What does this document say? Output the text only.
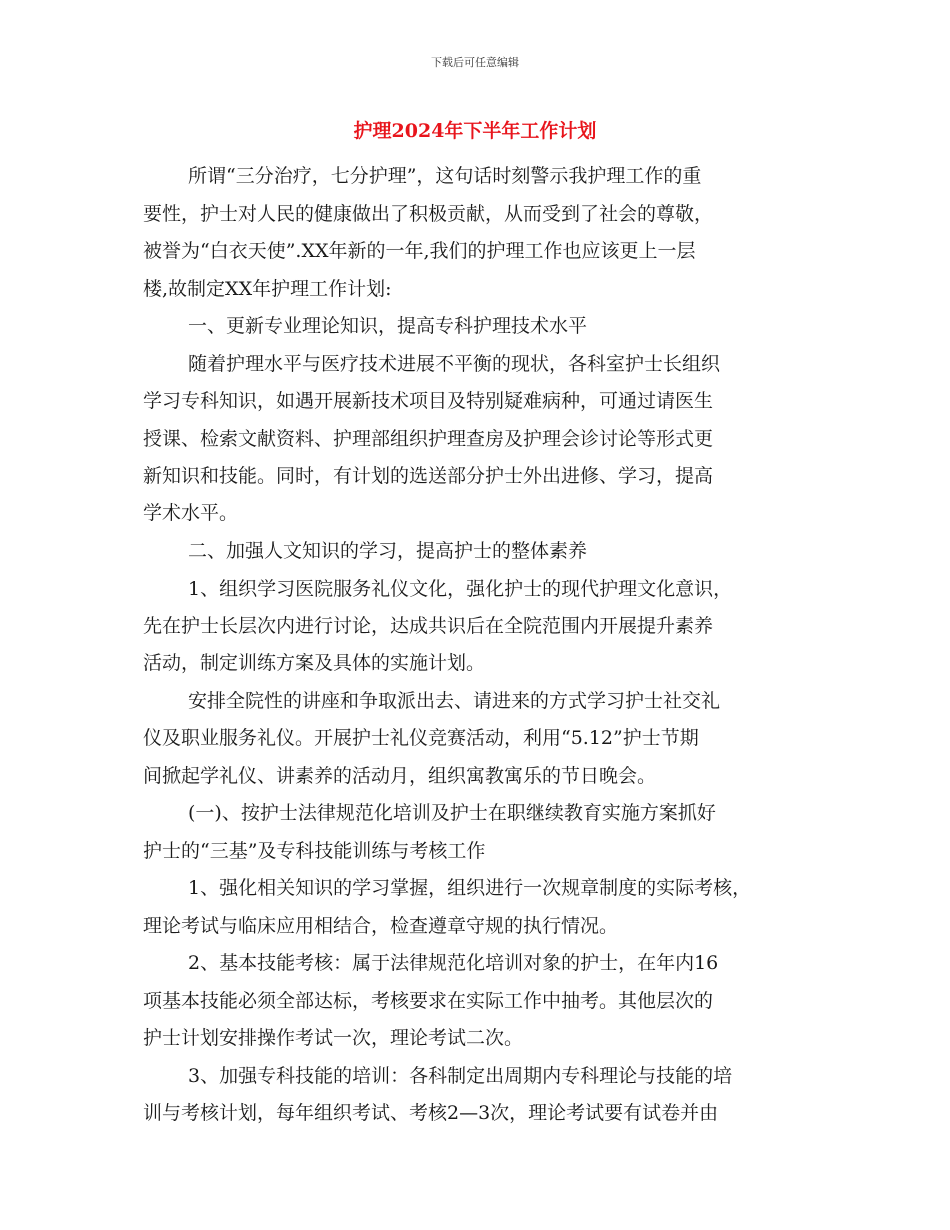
下载后可任意编辑
护理2024年下半年工作计划
所谓“三分治疗，七分护理”，这句话时刻警示我护理工作的重
要性，护士对人民的健康做出了积极贡献，从而受到了社会的尊敬，
被誉为“白衣天使”.XX年新的一年,我们的护理工作也应该更上一层
楼,故制定XX年护理工作计划:
一、更新专业理论知识，提高专科护理技术水平
随着护理水平与医疗技术进展不平衡的现状，各科室护士长组织
学习专科知识，如遇开展新技术项目及特别疑难病种，可通过请医生
授课、检索文献资料、护理部组织护理查房及护理会诊讨论等形式更
新知识和技能。同时，有计划的选送部分护士外出进修、学习，提高
学术水平。
二、加强人文知识的学习，提高护士的整体素养
1、组织学习医院服务礼仪文化，强化护士的现代护理文化意识，
先在护士长层次内进行讨论，达成共识后在全院范围内开展提升素养
活动，制定训练方案及具体的实施计划。
安排全院性的讲座和争取派出去、请进来的方式学习护士社交礼
仪及职业服务礼仪。开展护士礼仪竞赛活动，利用“5.12”护士节期
间掀起学礼仪、讲素养的活动月，组织寓教寓乐的节日晚会。
(一)、按护士法律规范化培训及护士在职继续教育实施方案抓好
护士的“三基”及专科技能训练与考核工作
1、强化相关知识的学习掌握，组织进行一次规章制度的实际考核，
理论考试与临床应用相结合，检查遵章守规的执行情况。
2、基本技能考核：属于法律规范化培训对象的护士，在年内16
项基本技能必须全部达标，考核要求在实际工作中抽考。其他层次的
护士计划安排操作考试一次，理论考试二次。
3、加强专科技能的培训：各科制定出周期内专科理论与技能的培
训与考核计划，每年组织考试、考核2—3次，理论考试要有试卷并由
